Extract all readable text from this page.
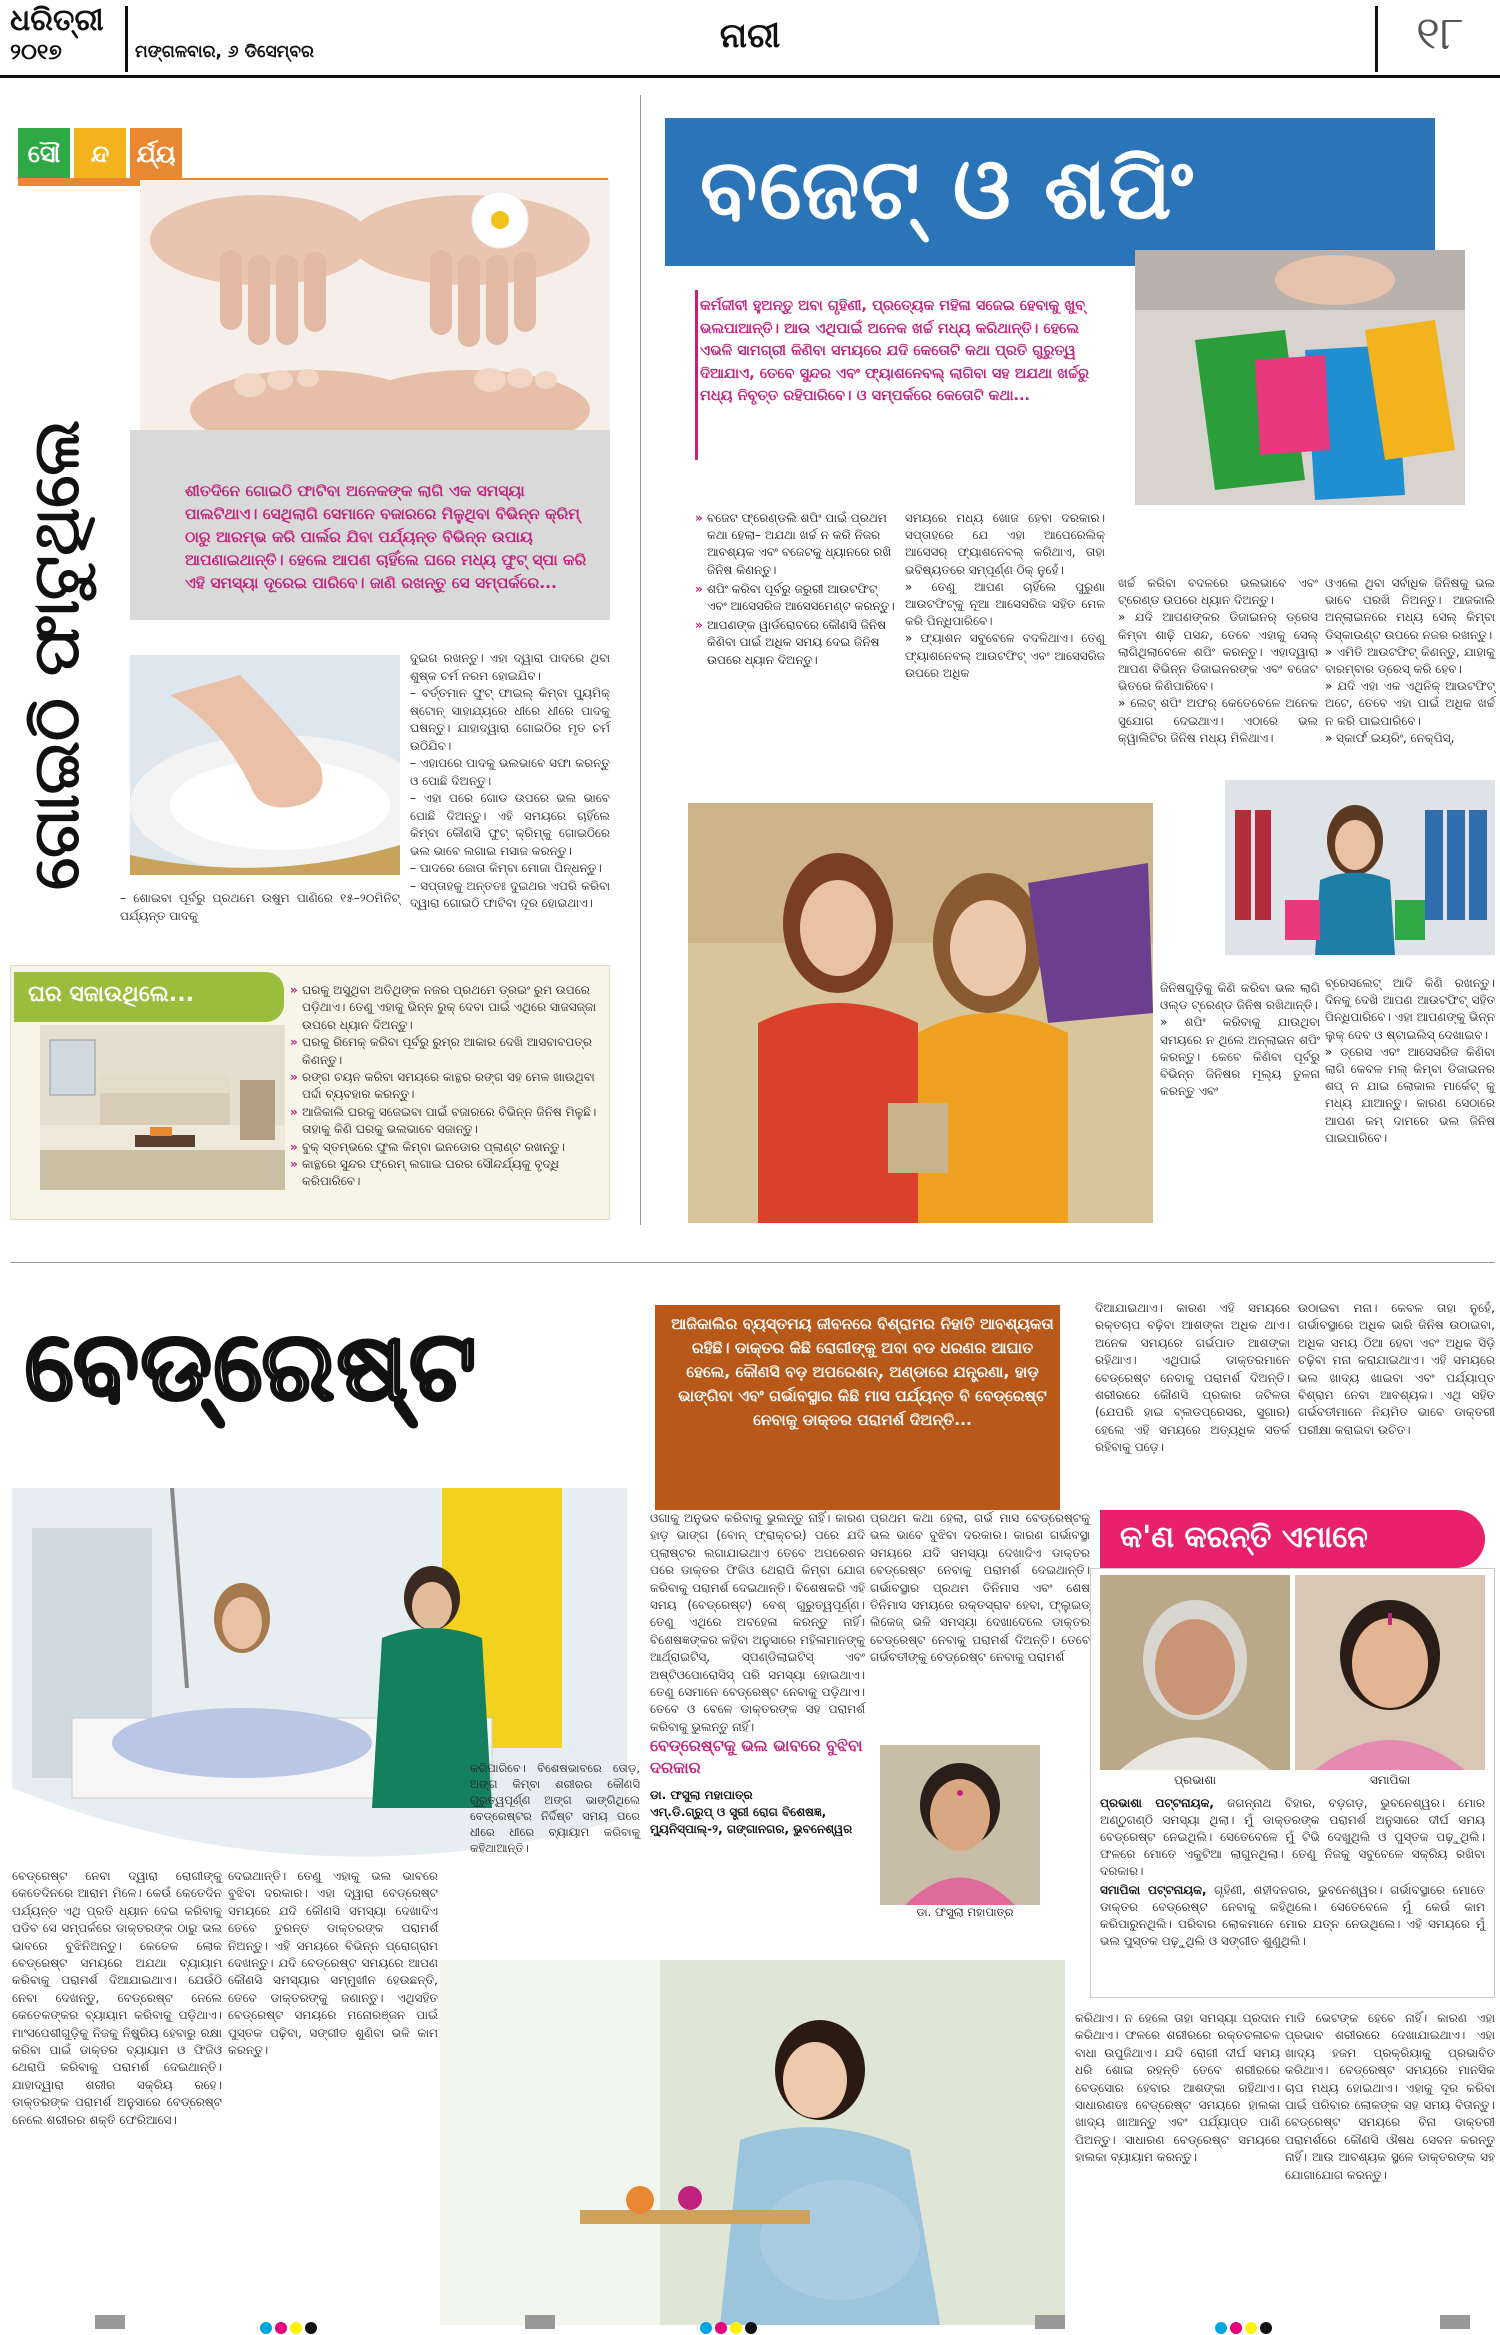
ଧରିତ୍ରୀ
୨୦୧୭	ମଙ୍ଗଳବାର, ୬ ଡିସେମ୍ବର	ନାରୀ	୧୮
ସୌ ନ୍ଦ ର୍ଯ୍ୟ
ଗୋଇଠି ଫାଟୁଥିଲେ	ଶୀତଦିନେ ଗୋଇଠି ଫାଟିବା ଅନେକଙ୍କ ଲାଗି ଏକ ସମସ୍ୟା ପାଲଟିଥାଏ। ସେଥିଲାଗି ସେମାନେ ବଜାରରେ ମିଳୁଥିବା ବିଭିନ୍ନ କ୍ରିମ୍ ଠାରୁ ଆରମ୍ଭ କରି ପାର୍ଲର ଯିବା ପର୍ଯ୍ୟନ୍ତ ବିଭିନ୍ନ ଉପାୟ ଆପଣାଇଥାନ୍ତି। ହେଲେ ଆପଣ ଚାହିଁଲେ ଘରେ ମଧ୍ୟ ଫୁଟ୍ ସ୍ପା କରି ଏହି ସମସ୍ୟା ଦୂରେଇ ପାରିବେ। ଜାଣି ରଖନ୍ତୁ ସେ ସମ୍ପର୍କରେ...

ଦୁଇଗ ରଖନ୍ତୁ। ଏହା ଦ୍ୱାରା ପାଦରେ ଥିବା ଶୁଷ୍କ ଚର୍ମ ନରମ ହୋଇଯିବ।
– ବର୍ତ୍ତମାନ ଫୁଟ୍ ଫାଇଲ୍ କିମ୍ବା ପ୍ୟୁମିକ୍ ଷ୍ଟୋନ୍ ସାହାଯ୍ୟରେ ଧୀରେ ଧୀରେ ପାଦକୁ ଘଷନ୍ତୁ। ଯାହାଦ୍ୱାରା ଗୋଇଠିର ମୃତ ଚର୍ମ ଉଠିଯିବ।
– ଏହାପରେ ପାଦକୁ ଭଲଭାବେ ସଫା କରନ୍ତୁ ଓ ପୋଛି ଦିଅନ୍ତୁ।
– ଏହା ପରେ ଗୋଡ ଉପରେ ଭଲ ଭାବେ ପୋଛି ଦିଅନ୍ତୁ। ଏହି ସମୟରେ ଚାହିଁଲେ କିମ୍ବା କୌଣସି ଫୁଟ୍ କ୍ରିମ୍କୁ ଗୋଇଠିରେ ଭଲ ଭାବେ ଲଗାଇ ମସାଜ କରନ୍ତୁ।
– ପାଦରେ ଜୋତା କିମ୍ବା ମୋଜା ପିନ୍ଧନ୍ତୁ।
– ସପ୍ତାହକୁ ଅନ୍ତତଃ ଦୁଇଥର ଏପରି କରିବା ଦ୍ୱାରା ଗୋଇଠି ଫାଟିବା ଦୂର ହୋଇଥାଏ।
– ଶୋଇବା ପୂର୍ବରୁ ପ୍ରଥମେ ଉଷୁମ ପାଣିରେ ୧୫–୨୦ମିନିଟ୍ ପର୍ଯ୍ୟନ୍ତ ପାଦକୁ
ଘର ସଜାଉଥିଲେ...
»	ଘରକୁ ଅସୁଥିବା ଅତିଥିଙ୍କ ନଜର ପ୍ରଥମେ ଡ୍ରଇଂ ରୁମ ଉପରେ ପଡ଼ିଥାଏ। ତେଣୁ ଏହାକୁ ଭିନ୍ନ ରୁକ୍ ଦେବା ପାଇଁ ଏଥିରେ ସାଜସଜ୍ଜା ଉପରେ ଧ୍ୟାନ ଦିଅନ୍ତୁ।
» ଘରକୁ ରିମେକ୍ କରିବା ପୂର୍ବରୁ ରୁମ୍ର ଆକାର ଦେଖି ଆସବାବପତ୍ର କିଣନ୍ତୁ।
» ରଙ୍ଗ ଚୟନ କରିବା ସମୟରେ କାନ୍ଥର ରଙ୍ଗ ସହ ମେଳ ଖାଉଥିବା ପର୍ଦ୍ଦା ବ୍ୟବହାର କରନ୍ତୁ।
» ଆଜିକାଲି ଘରକୁ ସଜେଇବା ପାଇଁ ବଜାରରେ ବିଭିନ୍ନ ଜିନିଷ ମିଳୁଛି। ତାହାକୁ କିଣି ଘରକୁ ଭଲଭାବେ ସଜାନ୍ତୁ।
» ବୁକ୍ ସ୍ତମ୍ଭରେ ଫୁଲ କିମ୍ବା ଇନଡୋର ପ୍ଲାଣ୍ଟ ରଖନ୍ତୁ।
» କାନ୍ଥରେ ସୁନ୍ଦର ଫ୍ରେମ୍ ଲଗାଇ ଘରର ସୌନ୍ଦର୍ଯ୍ୟକୁ ବୃଦ୍ଧି କରିପାରିବେ।
ବଜେଟ୍ ଓ ଶପିଂ

କର୍ମଜୀବୀ ହୁଅନ୍ତୁ ଅବା ଗୃହିଣୀ, ପ୍ରତ୍ୟେକ ମହିଳା ସଜେଇ ହେବାକୁ ଖୁବ୍ ଭଲପାଆନ୍ତି। ଆଉ ଏଥିପାଇଁ ଅନେକ ଖର୍ଚ୍ଚ ମଧ୍ୟ କରିଥାନ୍ତି। ହେଲେ ଏଭଳି ସାମଗ୍ରୀ କିଣିବା ସମୟରେ ଯଦି କେତୋଟି କଥା ପ୍ରତି ଗୁରୁତ୍ୱ ଦିଆଯାଏ, ତେବେ ସୁନ୍ଦର ଏବଂ ଫ୍ୟାଶନେବଲ୍ ଲାଗିବା ସହ ଅଯଥା ଖର୍ଚ୍ଚରୁ ମଧ୍ୟ ନିବୃତ୍ତ ରହିପାରିବେ। ଓ ସମ୍ପର୍କରେ କେତୋଟି କଥା...

» ବଜେଟ ଫ୍ରେଣ୍ଡଲି ଶପିଂ ପାଇଁ ପ୍ରଥମ କଥା ହେଲା– ଅଯଥା ଖର୍ଚ୍ଚ ନ କରି ନିଜର ଆବଶ୍ୟକ ଏବଂ ବଜେଟକୁ ଧ୍ୟାନରେ ରଖି ଜିନିଷ କିଣନ୍ତୁ।
» ଶପିଂ କରିବା ପୂର୍ବରୁ ଜରୁରୀ ଆଉଟଫିଟ୍ ଏବଂ ଆସେସରିଜ ଆସେସମେଣ୍ଟ କରନ୍ତୁ।
» ଆପଣଙ୍କ ୱାର୍ଡରୋବରେ କୌଣସି ଜିନିଷ କିଣିବା ପାଇଁ ଅଧିକ ସମୟ ଦେଇ ଜିନିଷ ଉପରେ ଧ୍ୟାନ ଦିଅନ୍ତୁ।
ସମୟରେ ମଧ୍ୟ ଖୋଜ ହେବା ଦରକାର। ସପ୍ତାହରେ ଯେ ଏହା ଆପେରେଲିକ୍ ଆସେସର୍ ଫ୍ୟାଶନେବଲ୍ କରିଥାଏ, ତାହା ଭବିଷ୍ୟତରେ ସମ୍ପୂର୍ଣ୍ଣ ଠିକ୍ ନୁହେଁ।
» ତେଣୁ ଆପଣ ଚାହିଁଲେ ପୁରୁଣା ଆଉଟଫିଟ୍କୁ ନୂଆ ଆସେସରିଜ ସହିତ ମେଳ କରି ପିନ୍ଧିପାରିବେ।
» ଫ୍ୟାଶନ ସବୁବେଳେ ବଦଳିଥାଏ। ତେଣୁ ଫ୍ୟାଶନେବଲ୍ ଆଉଟଫିଟ୍ ଏବଂ ଆସେସରିଜ ଉପରେ ଅଧିକ
ଖର୍ଚ୍ଚ କରିବା ବଦଳରେ ଭଲଭାବେ ଏବଂ ଟ୍ରେଣ୍ଡ ଉପରେ ଧ୍ୟାନ ଦିଅନ୍ତୁ।
» ଯଦି ଆପଣଙ୍କର ଡିଜାଇନର୍ ଡ୍ରେସ କିମ୍ବା ଶାଢ଼ି ପସନ୍ଦ, ତେବେ ଏହାକୁ ସେଲ୍ ଲାଗିଥିଲାବେଳେ ଶପିଂ କରନ୍ତୁ। ଏହାଦ୍ୱାରା ଆପଣ ବିଭିନ୍ନ ଡିଜାଇନରଙ୍କ ଏବଂ ବଜେଟ ଭିତରେ କିଣିପାରିବେ।
» ଲେଟ୍ ଶପିଂ ଅଫର୍ କେତେବେଳେ ଅନେକ ସୁଯୋଗ ଦେଇଥାଏ। ଏଠାରେ ଭଲ କ୍ୱାଲିଟିର ଜିନିଷ ମଧ୍ୟ ମିଳିଥାଏ।
ଓଏଲେ ଥିବା ସର୍ବାଧିକ ଜିନିଷକୁ ଭଲ ଭାବେ ପରଖି ନିଅନ୍ତୁ। ଆଜକାଲି ଅନ୍‌ଲାଇନରେ ମଧ୍ୟ ସେଲ୍ କିମ୍ବା ଡିସ୍କାଉଣ୍ଟ ଉପରେ ନଜର ରଖନ୍ତୁ।
» ଏମିତି ଆଉଟଫିଟ୍ କିଣନ୍ତୁ, ଯାହାକୁ ବାରମ୍ବାର ଡ୍ରେସ୍ କରି ହେବ।
» ଯଦି ଏହା ଏକ ଏଥିନିକ୍ ଆଉଟଫିଟ୍ ଅଟେ, ତେବେ ଏହା ପାଇଁ ଅଧିକ ଖର୍ଚ୍ଚ ନ କରି ପାଇପାରିବେ।
» ସ୍କାର୍ଫ ଇୟରିଂ, ନେକ୍‌ପିସ୍,
ଜିନିଷଗୁଡ଼ିକୁ କିଣି କରିବା ଭଲ ଲାଗି ଓଲ୍ଡ ଟ୍ରେଣ୍ଡ ଜିନିଷ ରଖିଥାନ୍ତି।
» ଶପିଂ କରିବାକୁ ଯାଉଥିବା ସମୟରେ ନ ଥିଲେ ଅନ୍‌ଲାଇନ ଶପିଂ କରନ୍ତୁ। କେବେ କିଣିବା ପୂର୍ବରୁ ବିଭିନ୍ନ ଜିନିଷର ମୂଲ୍ୟ ତୁଳନା କରନ୍ତୁ ଏବଂ
ବ୍ରେସଲେଟ୍ ଆଦି କିଣି ରଖନ୍ତୁ। ଦିନକୁ ଦେଖି ଆପଣ ଆଉଟଫିଟ୍ ସହିତ ପିନ୍ଧିପାରିବେ। ଏହା ଆପଣଙ୍କୁ ଭିନ୍ନ ଲୁକ୍ ଦେବ ଓ ଷ୍ଟାଇଲିସ୍ ଦେଖାଇବ।
» ଡ୍ରେସ ଏବଂ ଆସେସରିଜ କିଣିବା ଲାଗି କେବଳ ମଲ୍ କିମ୍ବା ଡିଜାଇନର ଶପ୍ ନ ଯାଇ ଲୋକାଲ ମାର୍କେଟ୍ କୁ ମଧ୍ୟ ଯାଆନ୍ତୁ। କାରଣ ସେଠାରେ ଆପଣ କମ୍ ଦାମରେ ଭଲ ଜିନିଷ ପାଇପାରିବେ।
ବେଡ୍‌ରେଷ୍ଟ	ଆଜିକାଲିର ବ୍ୟସ୍ତମୟ ଜୀବନରେ ବିଶ୍ରାମର ନିହାତି ଆବଶ୍ୟକତା ରହିଛି। ଡାକ୍ତର କିଛି ରୋଗୀଙ୍କୁ ଅବା ବଡ ଧରଣର ଆଘାତ ହେଲେ, କୌଣସି ବଡ଼ ଅପରେଶନ୍, ଅଣ୍ଡାରେ ଯନ୍ତ୍ରଣା, ହାଡ଼ ଭାଙ୍ଗିବା ଏବଂ ଗର୍ଭାବସ୍ଥାର କିଛି ମାସ ପର୍ଯ୍ୟନ୍ତ ବି ବେଡ୍‌ରେଷ୍ଟ ନେବାକୁ ଡାକ୍ତର ପରାମର୍ଶ ଦିଅନ୍ତି...

କରିପାରିବେ। ବିଶେଷଭାବରେ ତୋଡ଼, ଅଙ୍ଗ କିମ୍ବା ଶରୀରର କୌଣସି ଗୁରୁତ୍ୱପୂର୍ଣ୍ଣ ଅଙ୍ଗ ଭାଙ୍ଗିଥିଲେ ବେଡ୍‌ରେଷ୍ଟର ନିର୍ଦ୍ଦିଷ୍ଟ ସମୟ ପରେ ଧୀରେ ଧୀରେ ବ୍ୟାୟାମ କରିବାକୁ କହିଥାଆନ୍ତି।
ଓଗାକୁ ଅନୁଭବ କରିବାକୁ ଭୁଲନ୍ତୁ ନାହିଁ। କାରଣ ହାଡ଼ ଭାଙ୍ଗ (ବୋନ୍ ଫ୍ରାକ୍ଚର) ପରେ ଯଦି ପ୍ଲାଷ୍ଟର ଲଗାଯାଇଥାଏ ତେବେ ଅପରେଶନ ପରେ ଡାକ୍ତର ଫିଜିଓ ଥେରାପି କିମ୍ବା ଯୋଗ କରିବାକୁ ପରାମର୍ଶ ଦେଇଥାନ୍ତି। ବିଶେଷକରି ଏହି ସମୟ (ବେଡ୍‌ରେଷ୍ଟ) ବେଶ୍ ଗୁରୁତ୍ୱପୂର୍ଣ୍ଣ। ତେଣୁ ଏଥିରେ ଅବହେଳା କରନ୍ତୁ ନାହିଁ। ବିଶେଷଜ୍ଞଙ୍କର କହିବା ଅନୁସାରେ ମହିଳାମାନଙ୍କୁ ଆର୍ଥ୍ରାଇଟିସ୍, ସ୍ପଣ୍ଡିଲାଇଟିସ୍ ଏବଂ ଅଷ୍ଟିଓପୋରୋସିସ୍ ପରି ସମସ୍ୟା ହୋଇଥାଏ। ତେଣୁ ସେମାନେ ବେଡ୍‌ରେଷ୍ଟ ନେବାକୁ ପଡ଼ିଥାଏ। ତେବେ ଓ ବେଳେ ଡାକ୍ତରଙ୍କ ସହ ପରାମର୍ଶ କରିବାକୁ ଭୁଲନ୍ତୁ ନାହିଁ।
ପ୍ରଥମ କଥା ହେଲା, ଗର୍ଭ ମାସ ବେଡ୍‌ରେଷ୍ଟକୁ ଭଲ ଭାବେ ବୁଝିବା ଦରକାର। କାରଣ ଗର୍ଭାବସ୍ଥା ସମୟରେ ଯଦି ସମସ୍ୟା ଦେଖାଦିଏ ଡାକ୍ତର ବେଡ୍‌ରେଷ୍ଟ ନେବାକୁ ପରାମର୍ଶ ଦେଇଥାନ୍ତି। ଗର୍ଭାବସ୍ଥାର ପ୍ରଥମ ତିନିମାସ ଏବଂ ଶେଷ ତିନିମାସ ସମୟରେ ରକ୍ତସ୍ରାବ ହେବା, ଫ୍ଲୁଇଡ୍ ଲିକେଜ୍ ଭଳି ସମସ୍ୟା ଦେଖାଦେଲେ ଡାକ୍ତର ବେଡ୍‌ରେଷ୍ଟ ନେବାକୁ ପରାମର୍ଶ ଦିଅନ୍ତି। ତେବେ ଗର୍ଭବତୀଙ୍କୁ ବେଡ୍‌ରେଷ୍ଟ ନେବାକୁ ପରାମର୍ଶ
ଦିଆଯାଇଥାଏ। କାରଣ ଏହି ସମୟରେ ରକ୍ତଚାପ ବଢ଼ିବା ଆଶଙ୍କା ଅଧିକ ଥାଏ। ଅନେକ ସମୟରେ ଗର୍ଭପାତ ଆଶଙ୍କା ରହିଥାଏ। ଏଥିପାଇଁ ଡାକ୍ତରମାନେ ବେଡ୍‌ରେଷ୍ଟ ନେବାକୁ ପରାମର୍ଶ ଦିଅନ୍ତି। ଶରୀରରେ କୌଣସି ପ୍ରକାର ଜଟିଳତା (ଯେପରି ହାଇ ବ୍ଲଡପ୍ରେସର, ସୁଗାର) ହେଲେ ଏହି ସମୟରେ ଅତ୍ୟଧିକ ସତର୍କ ରହିବାକୁ ପଡ଼େ।
ଉଠାଇବା ମନା। କେବଳ ତାହା ନୁହେଁ, ଗର୍ଭାବସ୍ଥାରେ ଅଧିକ ଭାରି ଜିନିଷ ଉଠାଇବା, ଅଧିକ ସମୟ ଠିଆ ହେବା ଏବଂ ଅଧିକ ସିଡ଼ି ଚଢ଼ିବା ମନା କରାଯାଇଥାଏ। ଏହି ସମୟରେ ଭଲ ଖାଦ୍ୟ ଖାଇବା ଏବଂ ପର୍ଯ୍ୟାପ୍ତ ବିଶ୍ରାମ ନେବା ଆବଶ୍ୟକ। ଏଥି ସହିତ ଗର୍ଭବତୀମାନେ ନିୟମିତ ଭାବେ ଡାକ୍ତରୀ ପରୀକ୍ଷା କରାଇବା ଉଚିତ।
ବେଡ୍‌ରେଷ୍ଟକୁ ଭଲ ଭାବରେ ବୁଝିବା ଦରକାର
ଡା. ଫସୁଲା ମହାପାତ୍ର
ଏମ୍.ଡି.ଗ୍ରୁପ୍ ଓ ସ୍ତ୍ରୀ ରୋଗ ବିଶେଷଜ୍ଞ, ମ୍ୟୁନିସ୍ପାଲ୍-୨, ଗଙ୍ଗାନଗର, ଭୁବନେଶ୍ୱର
ଡା. ଫସୁଲା ମହାପାତ୍ର
କ'ଣ କରନ୍ତି ଏମାନେ
ପ୍ରଭାଶା	ସମାପିକା

ପ୍ରଭାଶା ପଟ୍ଟନାୟକ, ଜଗନ୍ନାଥ ବିହାର, ବଡ଼ଗଡ଼, ଭୁବନେଶ୍ୱର। ମୋର ଅଣ୍ଠୁଗଣ୍ଠି ସମସ୍ୟା ଥିଲା। ମୁଁ ଡାକ୍ତରଙ୍କ ପରାମର୍ଶ ଅନୁସାରେ ଦୀର୍ଘ ସମୟ ବେଡ୍‌ରେଷ୍ଟ ନେଇଥିଲି। ସେତେବେଳେ ମୁଁ ଟିଭି ଦେଖୁଥିଲି ଓ ପୁସ୍ତକ ପଢ଼ୁଥିଲି। ଫଳରେ ମୋତେ ଏକୁଟିଆ ଲାଗୁନଥିଲା। ତେଣୁ ନିଜକୁ ସବୁବେଳେ ସକ୍ରିୟ ରଖିବା ଦରକାର।

ସମାପିକା ପଟ୍ଟନାୟକ, ଗୃହିଣୀ, ଶହୀଦନଗର, ଭୁବନେଶ୍ୱର। ଗର୍ଭାବସ୍ଥାରେ ମୋତେ ଡାକ୍ତର ବେଡ୍‌ରେଷ୍ଟ ନେବାକୁ କହିଥିଲେ। ସେତେବେଳେ ମୁଁ କେଉଁ କାମ କରିପାରୁନଥିଲି। ପରିବାର ଲୋକମାନେ ମୋର ଯତ୍ନ ନେଉଥିଲେ। ଏହି ସମୟରେ ମୁଁ ଭଲ ପୁସ୍ତକ ପଢ଼ୁଥିଲି ଓ ସଙ୍ଗୀତ ଶୁଣୁଥିଲି।

ବେଡ୍‌ରେଷ୍ଟ ନେବା ଦ୍ୱାରା ରୋଗୀଙ୍କୁ କେତେଦିନରେ ଆରାମ ମିଳେ। କେଉଁ କେତେଦିନ ପର୍ଯ୍ୟନ୍ତ ଏଥି ପ୍ରତି ଧ୍ୟାନ ଦେଇ କରିବାକୁ ପଡିବ ସେ ସମ୍ପର୍କରେ ଡାକ୍ତରଙ୍କ ଠାରୁ ଭଲ ଭାବରେ ବୁଝିନିଅନ୍ତୁ। କେତେକ ଲୋକ ବେଡ୍‌ରେଷ୍ଟ ସମୟରେ ଅଯଥା ବ୍ୟାୟାମ କରିବାକୁ ପରାମର୍ଶ ଦିଆଯାଇଥାଏ। ଯେଉଁଠି ନେବା ଦେଖନ୍ତୁ, ବେଡ୍‌ରେଷ୍ଟ ନେଲେ କେତେକଙ୍କର ବ୍ୟାୟାମ କରିବାକୁ ପଡ଼ିଥାଏ। ମାଂସପେଶୀଗୁଡ଼ିକୁ ନିଜକୁ ନିଷ୍କ୍ରିୟ ହେବାରୁ ରକ୍ଷା କରିବା ପାଇଁ ଡାକ୍ତର ବ୍ୟାୟାମ ଓ ଫିଜିଓ ଥେରାପି କରିବାକୁ ପରାମର୍ଶ ଦେଇଥାନ୍ତି। ଯାହାଦ୍ୱାରା ଶରୀର ସକ୍ରିୟ ରହେ। ଡାକ୍ତରଙ୍କ ପରାମର୍ଶ ଅନୁସାରେ ବେଡ୍‌ରେଷ୍ଟ ନେଲେ ଶରୀରର ଶକ୍ତି ଫେରିଆସେ।
ଦେଇଥାନ୍ତି। ତେଣୁ ଏହାକୁ ଭଲ ଭାବରେ ବୁଝିବା ଦରକାର। ଏହା ଦ୍ୱାରା ବେଡ୍‌ରେଷ୍ଟ ସମୟରେ ଯଦି କୌଣସି ସମସ୍ୟା ଦେଖାଦିଏ ତେବେ ତୁରନ୍ତ ଡାକ୍ତରଙ୍କ ପରାମର୍ଶ ନିଅନ୍ତୁ। ଏହି ସମୟରେ ବିଭିନ୍ନ ପ୍ରୋଗ୍ରାମ ଦେଖନ୍ତୁ। ଯଦି ବେଡ୍‌ରେଷ୍ଟ ସମୟରେ ଆପଣ କୌଣସି ସମସ୍ୟାର ସମ୍ମୁଖୀନ ହେଉଛନ୍ତି, ତେବେ ଡାକ୍ତରଙ୍କୁ ଜଣାନ୍ତୁ। ଏଥିସହିତ ବେଡ୍‌ରେଷ୍ଟ ସମୟରେ ମନୋରଞ୍ଜନ ପାଇଁ ପୁସ୍ତକ ପଢ଼ିବା, ସଙ୍ଗୀତ ଶୁଣିବା ଭଳି କାମ କରନ୍ତୁ।
କରିଥାଏ। ନ ହେଲେ ତାହା ସମସ୍ୟା ପ୍ରଦାନ କରିଥାଏ। ଫଳରେ ଶରୀରରେ ରକ୍ତଚଳାଚଳ ବାଧା ଉପୁଜିଥାଏ। ଯଦି ରୋଗୀ ଦୀର୍ଘ ସମୟ ଧରି ଶୋଇ ରହନ୍ତି ତେବେ ଶରୀରରେ ବେଡ୍‌ସୋର ହେବାର ଆଶଙ୍କା ରହିଥାଏ। ସାଧାରଣତଃ ବେଡ୍‌ରେଷ୍ଟ ସମୟରେ ହାଲକା ଖାଦ୍ୟ ଖାଆନ୍ତୁ ଏବଂ ପର୍ଯ୍ୟାପ୍ତ ପାଣି ପିଅନ୍ତୁ। ସାଧାରଣ ବେଡ୍‌ରେଷ୍ଟ ସମୟରେ ହାଲକା ବ୍ୟାୟାମ କରନ୍ତୁ।
ମାଡି ଭେଟଙ୍କ ହେବେ ନାହିଁ। କାରଣ ଏହା ପ୍ରଭାବ ଶରୀରରେ ଦେଖାଯାଇଥାଏ। ଏହା ଖାଦ୍ୟ ହଜମ ପ୍ରକ୍ରିୟାକୁ ପ୍ରଭାବିତ କରିଥାଏ। ବେଡ୍‌ରେଷ୍ଟ ସମୟରେ ମାନସିକ ଚାପ ମଧ୍ୟ ହୋଇଥାଏ। ଏହାକୁ ଦୂର କରିବା ପାଇଁ ପରିବାର ଲୋକଙ୍କ ସହ ସମୟ ବିତାନ୍ତୁ। ବେଡ୍‌ରେଷ୍ଟ ସମୟରେ ବିନା ଡାକ୍ତରୀ ପରାମର୍ଶରେ କୌଣସି ଔଷଧ ସେବନ କରନ୍ତୁ ନାହିଁ। ଆଉ ଆବଶ୍ୟକ ସ୍ଥଳେ ଡାକ୍ତରଙ୍କ ସହ ଯୋଗାଯୋଗ କରନ୍ତୁ।
